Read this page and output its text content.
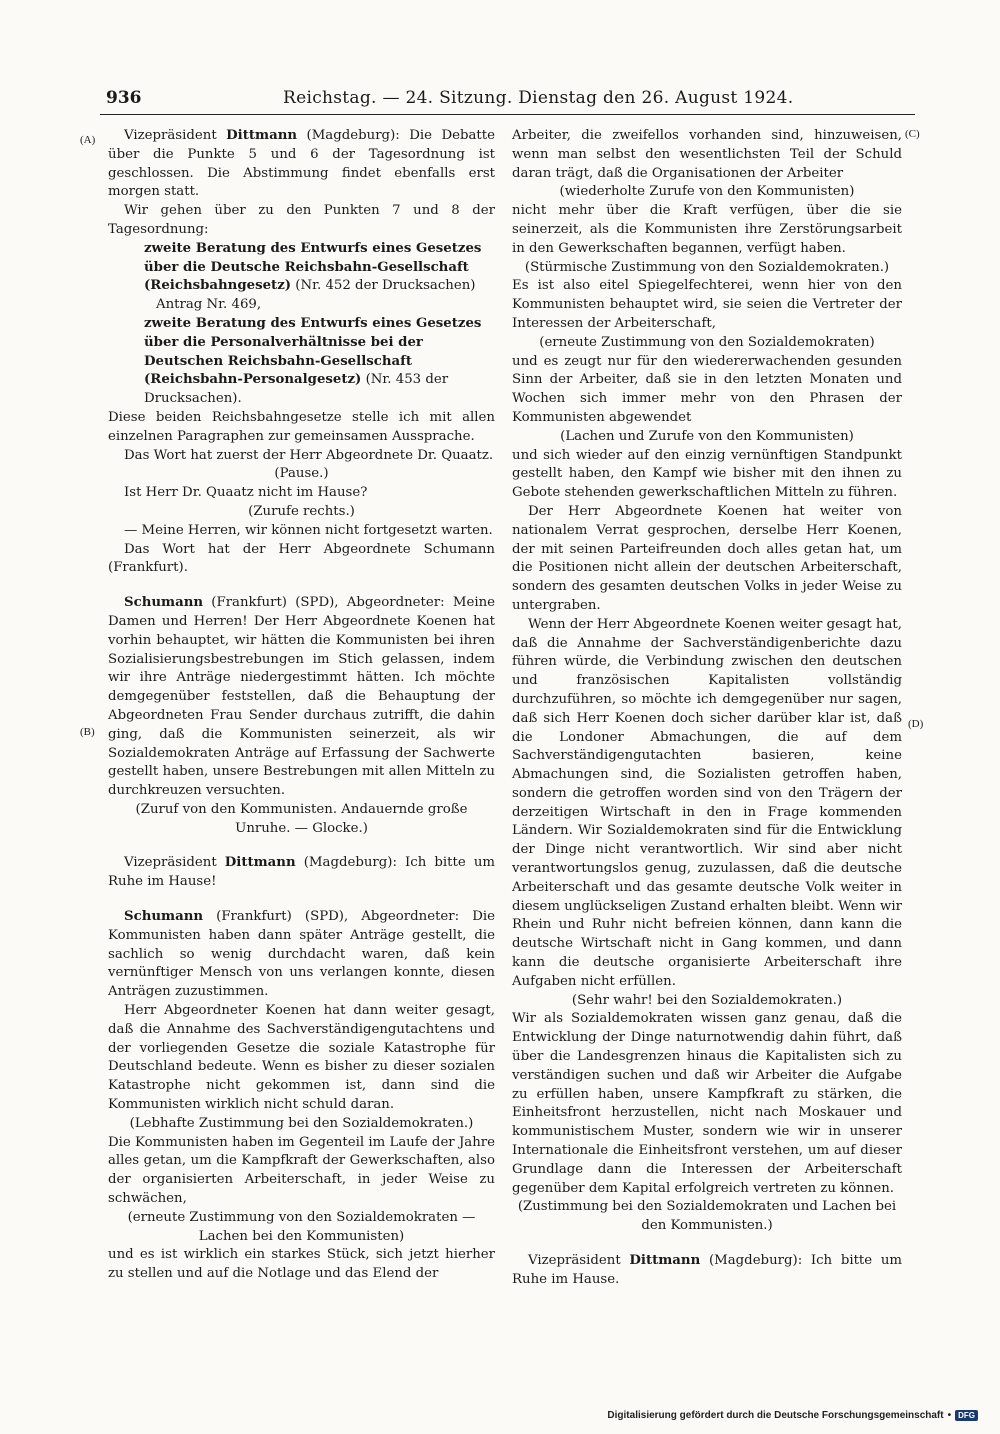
936	Reichstag. — 24. Sitzung. Dienstag den 26. August 1924.
(A)
(B)
(C)
(D)

Vizepräsident Dittmann (Magdeburg): Die Debatte über die Punkte 5 und 6 der Tagesordnung ist geschlossen. Die Abstimmung findet ebenfalls erst morgen statt.

Wir gehen über zu den Punkten 7 und 8 der Tagesordnung:

zweite Beratung des Entwurfs eines Gesetzes über die Deutsche Reichsbahn-Gesellschaft (Reichsbahngesetz) (Nr. 452 der Drucksachen)

Antrag Nr. 469,

zweite Beratung des Entwurfs eines Gesetzes über die Personalverhältnisse bei der Deutschen Reichsbahn-Gesellschaft (Reichsbahn-Personalgesetz) (Nr. 453 der Drucksachen).

Diese beiden Reichsbahngesetze stelle ich mit allen einzelnen Paragraphen zur gemeinsamen Aussprache.

Das Wort hat zuerst der Herr Abgeordnete Dr. Quaatz.

(Pause.)

Ist Herr Dr. Quaatz nicht im Hause?

(Zurufe rechts.)

— Meine Herren, wir können nicht fortgesetzt warten.

Das Wort hat der Herr Abgeordnete Schumann (Frankfurt).

Schumann (Frankfurt) (SPD), Abgeordneter: Meine Damen und Herren! Der Herr Abgeordnete Koenen hat vorhin behauptet, wir hätten die Kommunisten bei ihren Sozialisierungsbestrebungen im Stich gelassen, indem wir ihre Anträge niedergestimmt hätten. Ich möchte demgegenüber feststellen, daß die Behauptung der Abgeordneten Frau Sender durchaus zutrifft, die dahin ging, daß die Kommunisten seinerzeit, als wir Sozialdemokraten Anträge auf Erfassung der Sachwerte gestellt haben, unsere Bestrebungen mit allen Mitteln zu durchkreuzen versuchten.

(Zuruf von den Kommunisten. Andauernde große Unruhe. — Glocke.)

Vizepräsident Dittmann (Magdeburg): Ich bitte um Ruhe im Hause!

Schumann (Frankfurt) (SPD), Abgeordneter: Die Kommunisten haben dann später Anträge gestellt, die sachlich so wenig durchdacht waren, daß kein vernünftiger Mensch von uns verlangen konnte, diesen Anträgen zuzustimmen.

Herr Abgeordneter Koenen hat dann weiter gesagt, daß die Annahme des Sachverständigengutachtens und der vorliegenden Gesetze die soziale Katastrophe für Deutschland bedeute. Wenn es bisher zu dieser sozialen Katastrophe nicht gekommen ist, dann sind die Kommunisten wirklich nicht schuld daran.

(Lebhafte Zustimmung bei den Sozialdemokraten.)

Die Kommunisten haben im Gegenteil im Laufe der Jahre alles getan, um die Kampfkraft der Gewerkschaften, also der organisierten Arbeiterschaft, in jeder Weise zu schwächen,

(erneute Zustimmung von den Sozialdemokraten — Lachen bei den Kommunisten)

und es ist wirklich ein starkes Stück, sich jetzt hierher zu stellen und auf die Notlage und das Elend der

Arbeiter, die zweifellos vorhanden sind, hinzuweisen, wenn man selbst den wesentlichsten Teil der Schuld daran trägt, daß die Organisationen der Arbeiter

(wiederholte Zurufe von den Kommunisten)

nicht mehr über die Kraft verfügen, über die sie seinerzeit, als die Kommunisten ihre Zerstörungsarbeit in den Gewerkschaften begannen, verfügt haben.

(Stürmische Zustimmung von den Sozialdemokraten.)

Es ist also eitel Spiegelfechterei, wenn hier von den Kommunisten behauptet wird, sie seien die Vertreter der Interessen der Arbeiterschaft,

(erneute Zustimmung von den Sozialdemokraten)

und es zeugt nur für den wiedererwachenden gesunden Sinn der Arbeiter, daß sie in den letzten Monaten und Wochen sich immer mehr von den Phrasen der Kommunisten abgewendet

(Lachen und Zurufe von den Kommunisten)

und sich wieder auf den einzig vernünftigen Standpunkt gestellt haben, den Kampf wie bisher mit den ihnen zu Gebote stehenden gewerkschaftlichen Mitteln zu führen.

Der Herr Abgeordnete Koenen hat weiter von nationalem Verrat gesprochen, derselbe Herr Koenen, der mit seinen Parteifreunden doch alles getan hat, um die Positionen nicht allein der deutschen Arbeiterschaft, sondern des gesamten deutschen Volks in jeder Weise zu untergraben.

Wenn der Herr Abgeordnete Koenen weiter gesagt hat, daß die Annahme der Sachverständigenberichte dazu führen würde, die Verbindung zwischen den deutschen und französischen Kapitalisten vollständig durchzuführen, so möchte ich demgegenüber nur sagen, daß sich Herr Koenen doch sicher darüber klar ist, daß die Londoner Abmachungen, die auf dem Sachverständigengutachten basieren, keine Abmachungen sind, die Sozialisten getroffen haben, sondern die getroffen worden sind von den Trägern der derzeitigen Wirtschaft in den in Frage kommenden Ländern. Wir Sozialdemokraten sind für die Entwicklung der Dinge nicht verantwortlich. Wir sind aber nicht verantwortungslos genug, zuzulassen, daß die deutsche Arbeiterschaft und das gesamte deutsche Volk weiter in diesem unglückseligen Zustand erhalten bleibt. Wenn wir Rhein und Ruhr nicht befreien können, dann kann die deutsche Wirtschaft nicht in Gang kommen, und dann kann die deutsche organisierte Arbeiterschaft ihre Aufgaben nicht erfüllen.

(Sehr wahr! bei den Sozialdemokraten.)

Wir als Sozialdemokraten wissen ganz genau, daß die Entwicklung der Dinge naturnotwendig dahin führt, daß über die Landesgrenzen hinaus die Kapitalisten sich zu verständigen suchen und daß wir Arbeiter die Aufgabe zu erfüllen haben, unsere Kampfkraft zu stärken, die Einheitsfront herzustellen, nicht nach Moskauer und kommunistischem Muster, sondern wie wir in unserer Internationale die Einheitsfront verstehen, um auf dieser Grundlage dann die Interessen der Arbeiterschaft gegenüber dem Kapital erfolgreich vertreten zu können.

(Zustimmung bei den Sozialdemokraten und Lachen bei den Kommunisten.)

Vizepräsident Dittmann (Magdeburg): Ich bitte um Ruhe im Hause.

Digitalisierung gefördert durch die Deutsche Forschungsgemeinschaft • DFG
